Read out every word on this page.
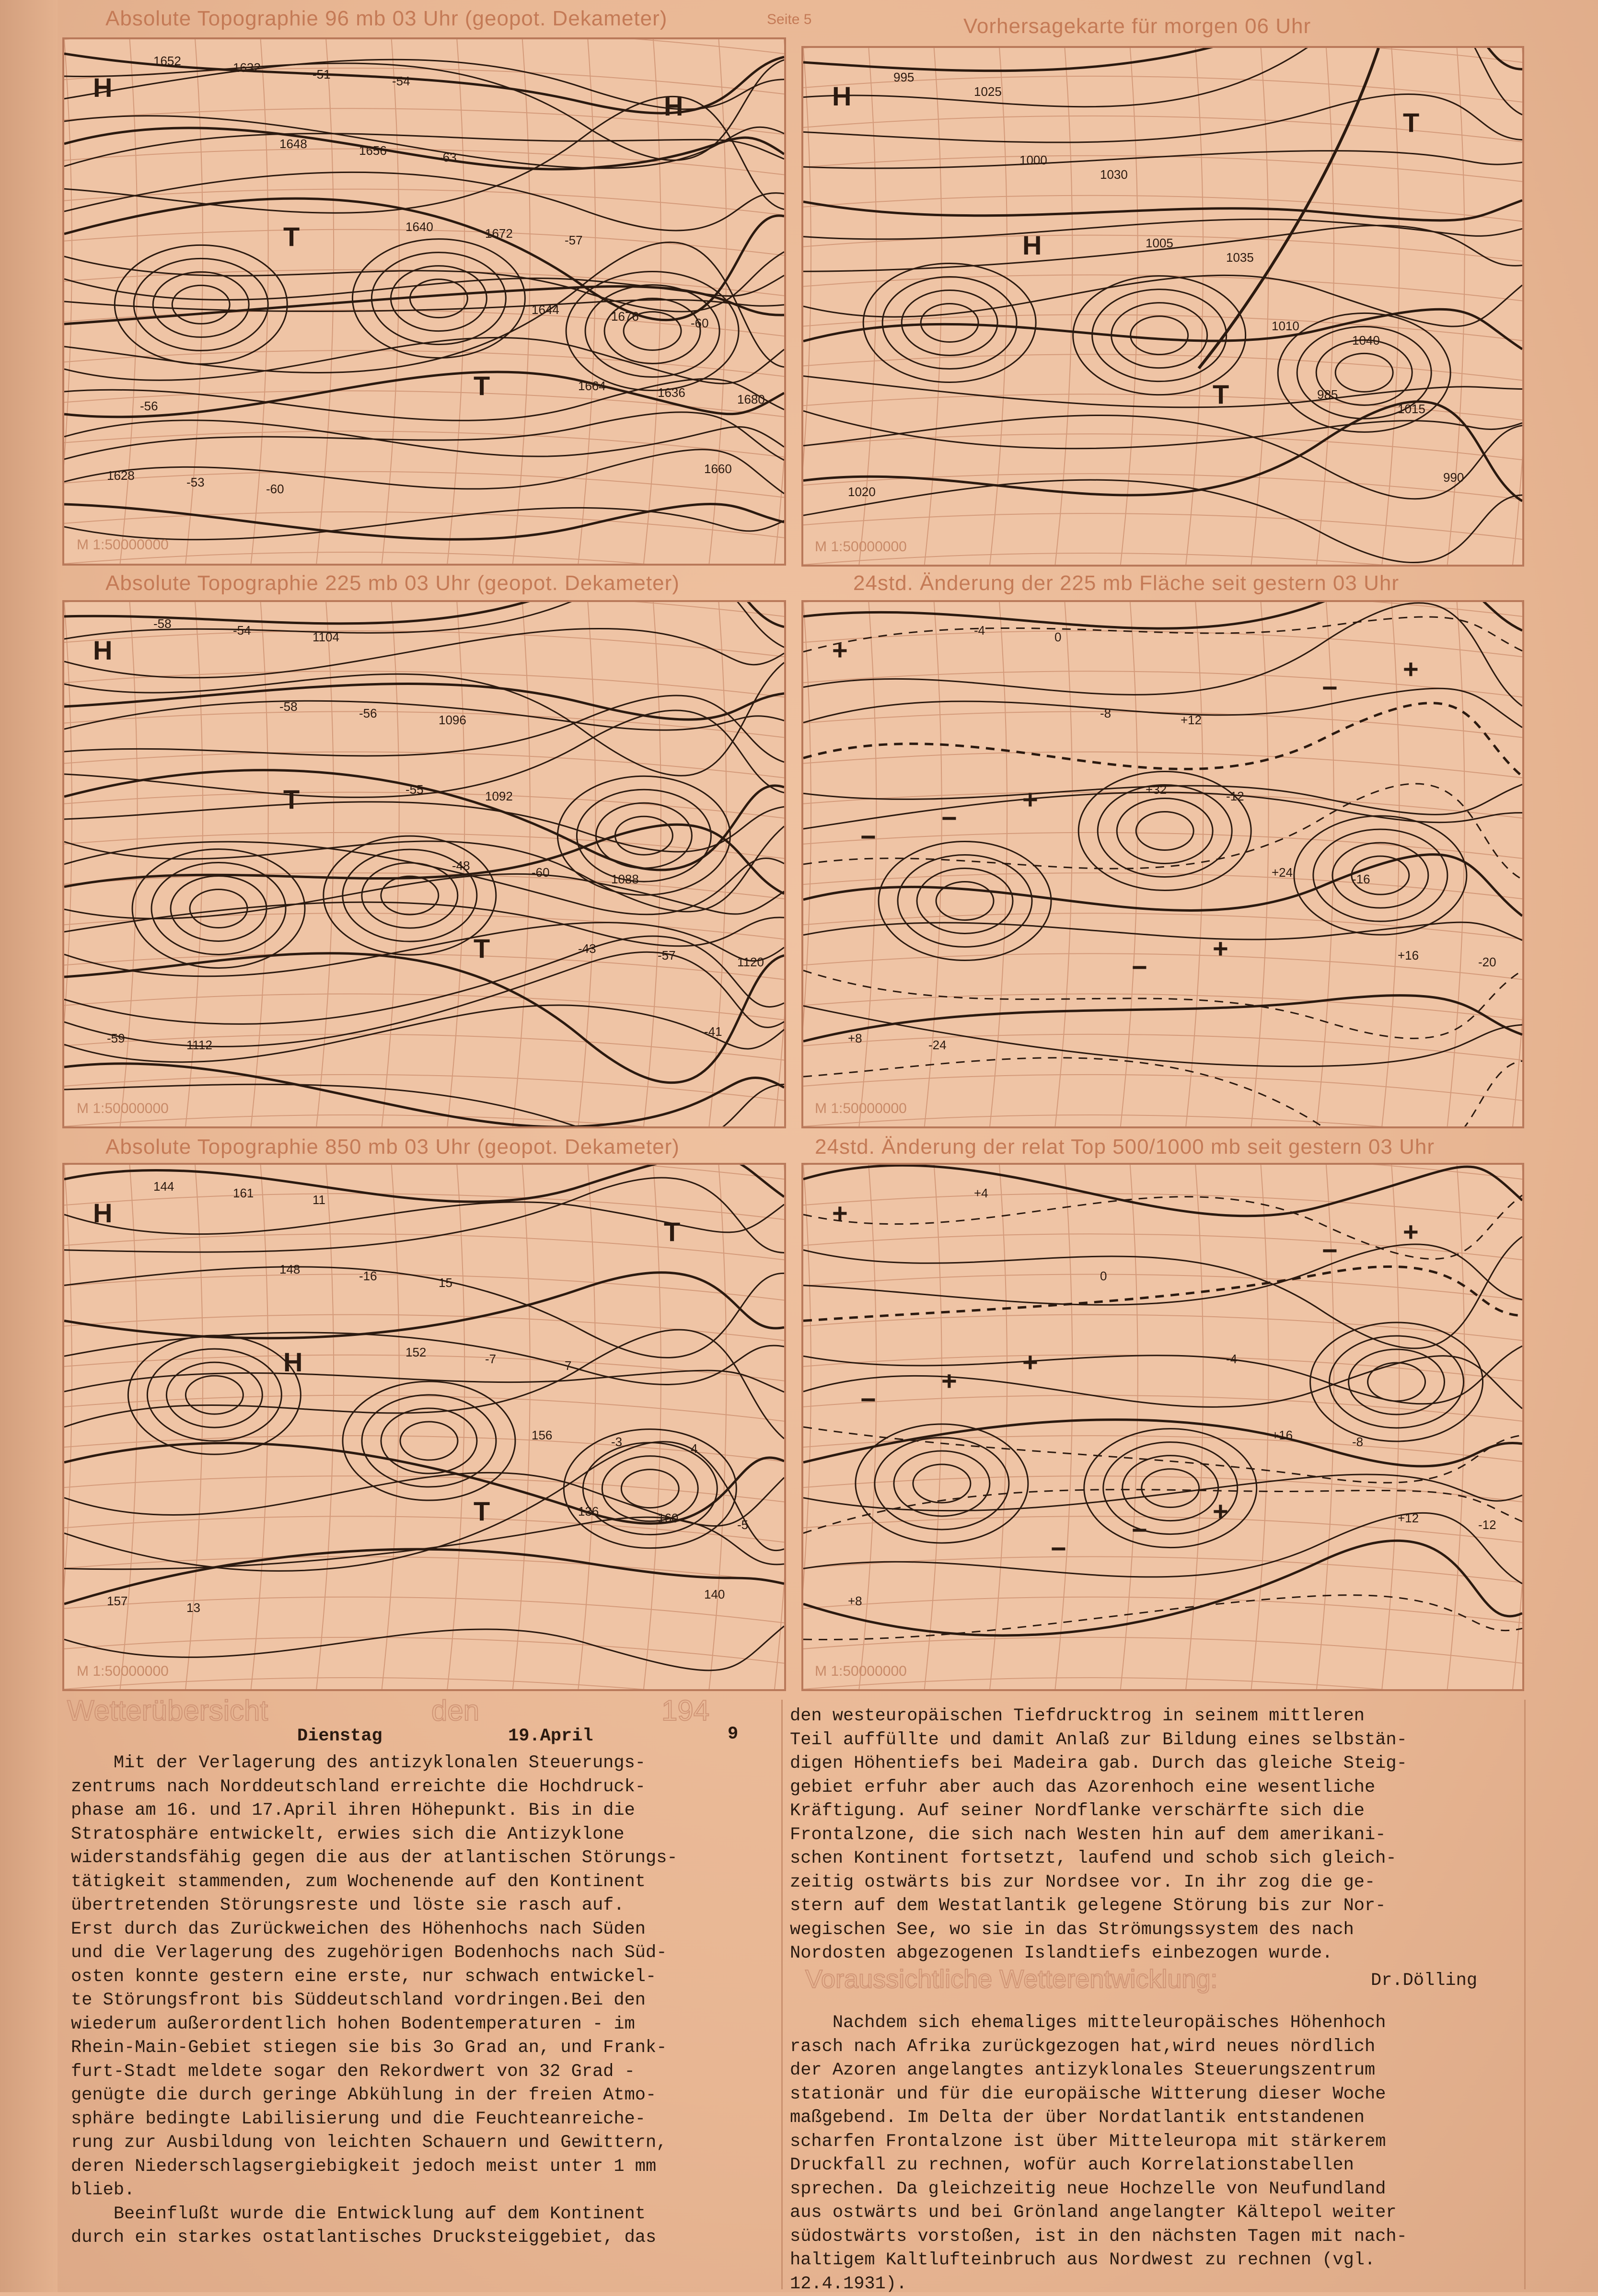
Absolute Topographie 96 mb 03 Uhr (geopot. Dekameter)	Seite 5	Vorhersagekarte für morgen 06 Uhr
Absolute Topographie 225 mb 03 Uhr (geopot. Dekameter)	24std. Änderung der 225 mb Fläche seit gestern 03 Uhr
Absolute Topographie 850 mb 03 Uhr (geopot. Dekameter)	24std. Änderung der relat Top 500/1000 mb seit gestern 03 Uhr
H
T
T
H
1664
1660
1652
1648
1640
1644
1636
1628
1632
1656
1672
1676
1680
-53
-51
-63
-57
-60
-56
-60
-54	H
H
T
T
985
990
995
1000
1005
1010
1015
1020
1025
1030
1035
1040
H
T
T
-48
-43
-41
-58
-58
-55
-60
-57
-59
-54
-56
1092
1088
1120
1112
1104
1096
+
+
+
+
−
−
−
−
+32
+24
+16
+8
-4
-8
-12
-16
-20
-24
0
+12
H
H
T
T
136
140
144
148
152
156
160
157
161
-16
-7
-3
-5
13
11
15
7
4
+
+
+
+
+
−
−
−
−
+16
+12
+8
+4
0
-4
-8
-12
M 1:50000000	M 1:50000000
M 1:50000000	M 1:50000000
M 1:50000000	M 1:50000000
Wetterübersicht	den	194
Dienstag	19.April	9
Mit der Verlagerung des antizyklonalen Steuerungs-
zentrums nach Norddeutschland erreichte die Hochdruck-
phase am 16. und 17.April ihren Höhepunkt. Bis in die
Stratosphäre entwickelt, erwies sich die Antizyklone
widerstandsfähig gegen die aus der atlantischen Störungs-
tätigkeit stammenden, zum Wochenende auf den Kontinent
übertretenden Störungsreste und löste sie rasch auf.
Erst durch das Zurückweichen des Höhenhochs nach Süden
und die Verlagerung des zugehörigen Bodenhochs nach Süd-
osten konnte gestern eine erste, nur schwach entwickel-
te Störungsfront bis Süddeutschland vordringen.Bei den
wiederum außerordentlich hohen Bodentemperaturen - im
Rhein-Main-Gebiet stiegen sie bis 3o Grad an, und Frank-
furt-Stadt meldete sogar den Rekordwert von 32 Grad -
genügte die durch geringe Abkühlung in der freien Atmo-
sphäre bedingte Labilisierung und die Feuchteanreiche-
rung zur Ausbildung von leichten Schauern und Gewittern,
deren Niederschlagsergiebigkeit jedoch meist unter 1 mm
blieb.
Beeinflußt wurde die Entwicklung auf dem Kontinent
durch ein starkes ostatlantisches Drucksteiggebiet, das
den westeuropäischen Tiefdrucktrog in seinem mittleren
Teil auffüllte und damit Anlaß zur Bildung eines selbstän-
digen Höhentiefs bei Madeira gab. Durch das gleiche Steig-
gebiet erfuhr aber auch das Azorenhoch eine wesentliche
Kräftigung. Auf seiner Nordflanke verschärfte sich die
Frontalzone, die sich nach Westen hin auf dem amerikani-
schen Kontinent fortsetzt, laufend und schob sich gleich-
zeitig ostwärts bis zur Nordsee vor. In ihr zog die ge-
stern auf dem Westatlantik gelegene Störung bis zur Nor-
wegischen See, wo sie in das Strömungssystem des nach
Nordosten abgezogenen Islandtiefs einbezogen wurde.
Voraussichtliche Wetterentwicklung:	Dr.Dölling
Nachdem sich ehemaliges mitteleuropäisches Höhenhoch
rasch nach Afrika zurückgezogen hat,wird neues nördlich
der Azoren angelangtes antizyklonales Steuerungszentrum
stationär und für die europäische Witterung dieser Woche
maßgebend. Im Delta der über Nordatlantik entstandenen
scharfen Frontalzone ist über Mitteleuropa mit stärkerem
Druckfall zu rechnen, wofür auch Korrelationstabellen
sprechen. Da gleichzeitig neue Hochzelle von Neufundland
aus ostwärts und bei Grönland angelangter Kältepol weiter
südostwärts vorstoßen, ist in den nächsten Tagen mit nach-
haltigem Kaltlufteinbruch aus Nordwest zu rechnen (vgl.
12.4.1931).
